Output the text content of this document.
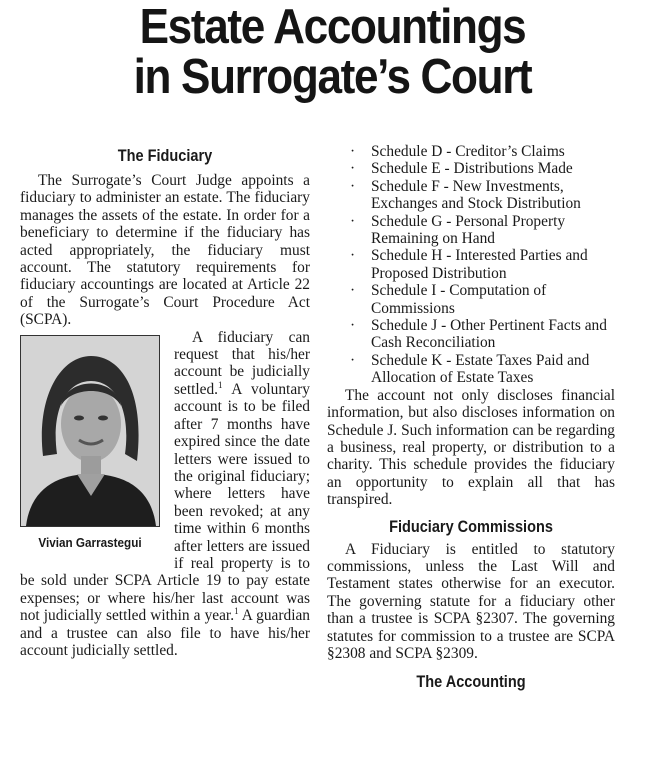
Estate Accountings
in Surrogate’s Court
The Fiduciary

The Surrogate’s Court Judge appoints a fiduciary to administer an estate. The fiduciary manages the assets of the estate. In order for a beneficiary to determine if the fiduciary has acted appropriately, the fiduciary must account. The statutory requirements for fiduciary accountings are located at Article 22 of the Surrogate’s Court Procedure Act (SCPA).

Vivian Garrastegui

A fiduciary can request that his/her account be judicially settled.$^1$ A voluntary account is to be filed after 7 months have expired since the date letters were issued to the original fiduciary; where letters have been revoked; at any time within 6 months after letters are issued if real property is to be sold under SCPA Article 19 to pay estate expenses; or where his/her last account was not judicially settled within a year.$^1$ A guardian and a trustee can also file to have his/her account judicially settled.

· Schedule D - Creditor’s Claims
· Schedule E - Distributions Made
· Schedule F - New Investments, Exchanges and Stock Distribution
· Schedule G - Personal Property Remaining on Hand
· Schedule H - Interested Parties and Proposed Distribution
· Schedule I - Computation of Commissions
· Schedule J - Other Pertinent Facts and Cash Reconciliation
· Schedule K - Estate Taxes Paid and Allocation of Estate Taxes

The account not only discloses financial information, but also discloses information on Schedule J. Such information can be regarding a business, real property, or distribution to a charity. This schedule provides the fiduciary an opportunity to explain all that has transpired.

Fiduciary Commissions

A Fiduciary is entitled to statutory commissions, unless the Last Will and Testament states otherwise for an executor. The governing statute for a fiduciary other than a trustee is SCPA §2307. The governing statutes for commission to a trustee are SCPA §2308 and SCPA §2309.

The Accounting
